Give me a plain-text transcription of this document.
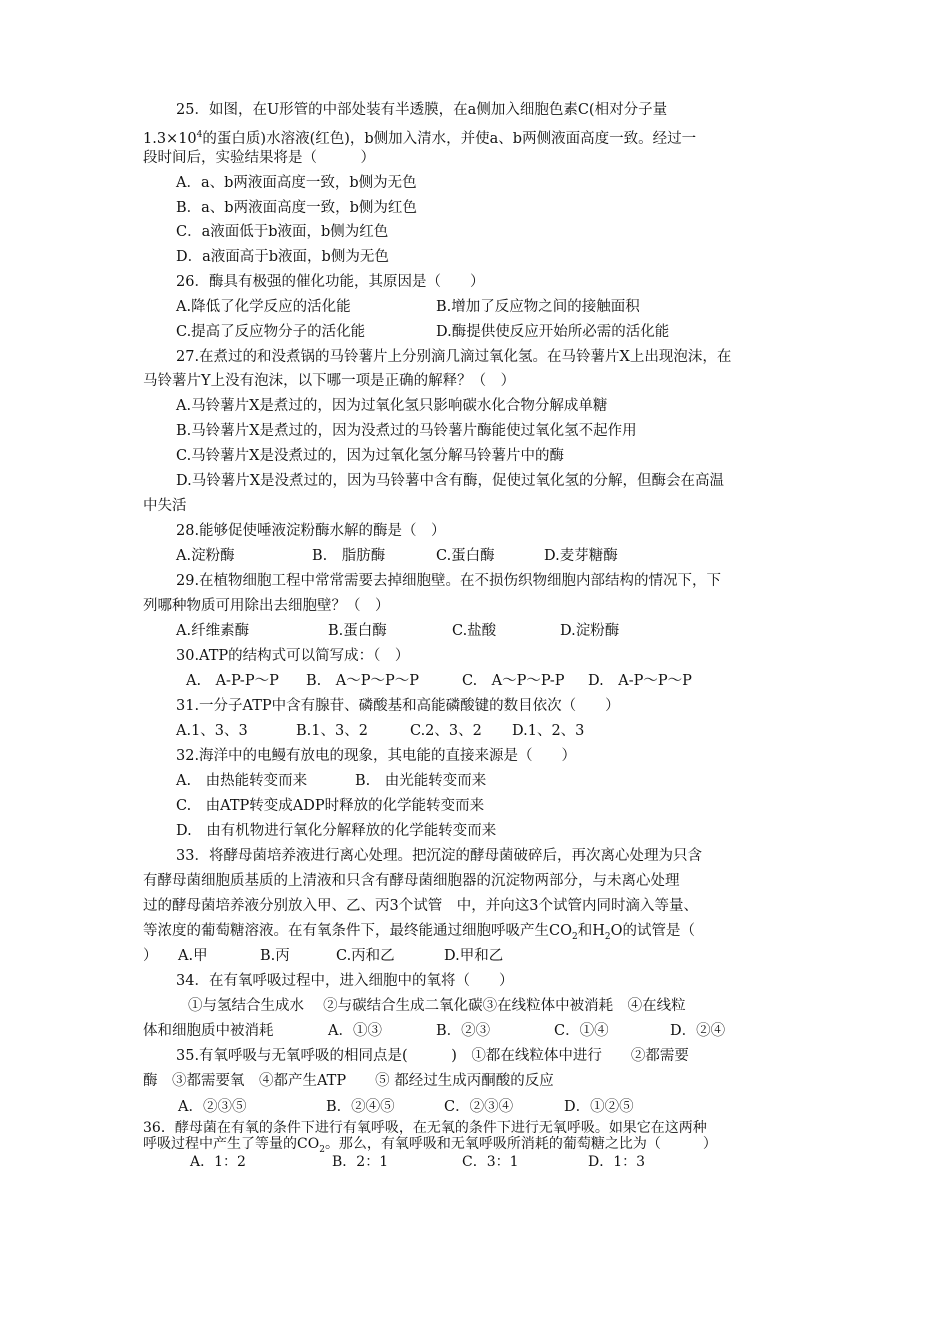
25．如图，在U形管的中部处装有半透膜，在a侧加入细胞色素C(相对分子量
$1.3\times 10^4$的蛋白质)水溶液(红色)，b侧加入清水，并使a、b两侧液面高度一致。经过一
段时间后，实验结果将是（　　　）
A．a、b两液面高度一致，b侧为无色
B．a、b两液面高度一致，b侧为红色
C．a液面低于b液面，b侧为红色
D．a液面高于b液面，b侧为无色
26．酶具有极强的催化功能，其原因是（　　）
A.降低了化学反应的活化能	B.增加了反应物之间的接触面积
C.提高了反应物分子的活化能	D.酶提供使反应开始所必需的活化能
27.在煮过的和没煮锅的马铃薯片上分别滴几滴过氧化氢。在马铃薯片X上出现泡沫，在
马铃薯片Y上没有泡沫，以下哪一项是正确的解释？（　）
A.马铃薯片X是煮过的，因为过氧化氢只影响碳水化合物分解成单糖
B.马铃薯片X是煮过的，因为没煮过的马铃薯片酶能使过氧化氢不起作用
C.马铃薯片X是没煮过的，因为过氧化氢分解马铃薯片中的酶
D.马铃薯片X是没煮过的，因为马铃薯中含有酶，促使过氧化氢的分解，但酶会在高温
中失活
28.能够促使唾液淀粉酶水解的酶是（　）
A.淀粉酶	B.　脂肪酶	C.蛋白酶	D.麦芽糖酶
29.在植物细胞工程中常常需要去掉细胞壁。在不损伤织物细胞内部结构的情况下，下
列哪种物质可用除出去细胞壁？（　）
A.纤维素酶	B.蛋白酶	C.盐酸	D.淀粉酶
30.ATP的结构式可以简写成：（　）
A.　A-P-P～P B.　A～P～P～P	C.　A～P～P-P D.　A-P～P～P
31.一分子ATP中含有腺苷、磷酸基和高能磷酸键的数目依次（　　）
A.1、3、3	B.1、3、2	C.2、3、2 D.1、2、3
32.海洋中的电鳗有放电的现象，其电能的直接来源是（　　）
A.　由热能转变而来	B.　由光能转变而来
C.　由ATP转变成ADP时释放的化学能转变而来
D.　由有机物进行氧化分解释放的化学能转变而来
33．将酵母菌培养液进行离心处理。把沉淀的酵母菌破碎后，再次离心处理为只含
有酵母菌细胞质基质的上清液和只含有酵母菌细胞器的沉淀物两部分，与未离心处理
过的酵母菌培养液分别放入甲、乙、丙3个试管　中，并向这3个试管内同时滴入等量、
等浓度的葡萄糖溶液。在有氧条件下，最终能通过细胞呼吸产生$CO_2$和$H_2O$的试管是（
） A.甲	B.丙	C.丙和乙	D.甲和乙
34．在有氧呼吸过程中，进入细胞中的氧将（　　）
①与氢结合生成水　 ②与碳结合生成二氧化碳③在线粒体中被消耗　④在线粒
体和细胞质中被消耗	A．①③	B．②③	C．①④	D．②④
35.有氧呼吸与无氧呼吸的相同点是(　　　)　①都在线粒体中进行　　②都需要
酶　③都需要氧　④都产生ATP　　⑤ 都经过生成丙酮酸的反应
A．②③⑤	B．②④⑤	C．②③④	D．①②⑤
36．酵母菌在有氧的条件下进行有氧呼吸，在无氧的条件下进行无氧呼吸。如果它在这两种
呼吸过程中产生了等量的$CO_2$。那么，有氧呼吸和无氧呼吸所消耗的葡萄糖之比为（　　　）
A．1：2	B．2：1	C．3：1	D．1：3
